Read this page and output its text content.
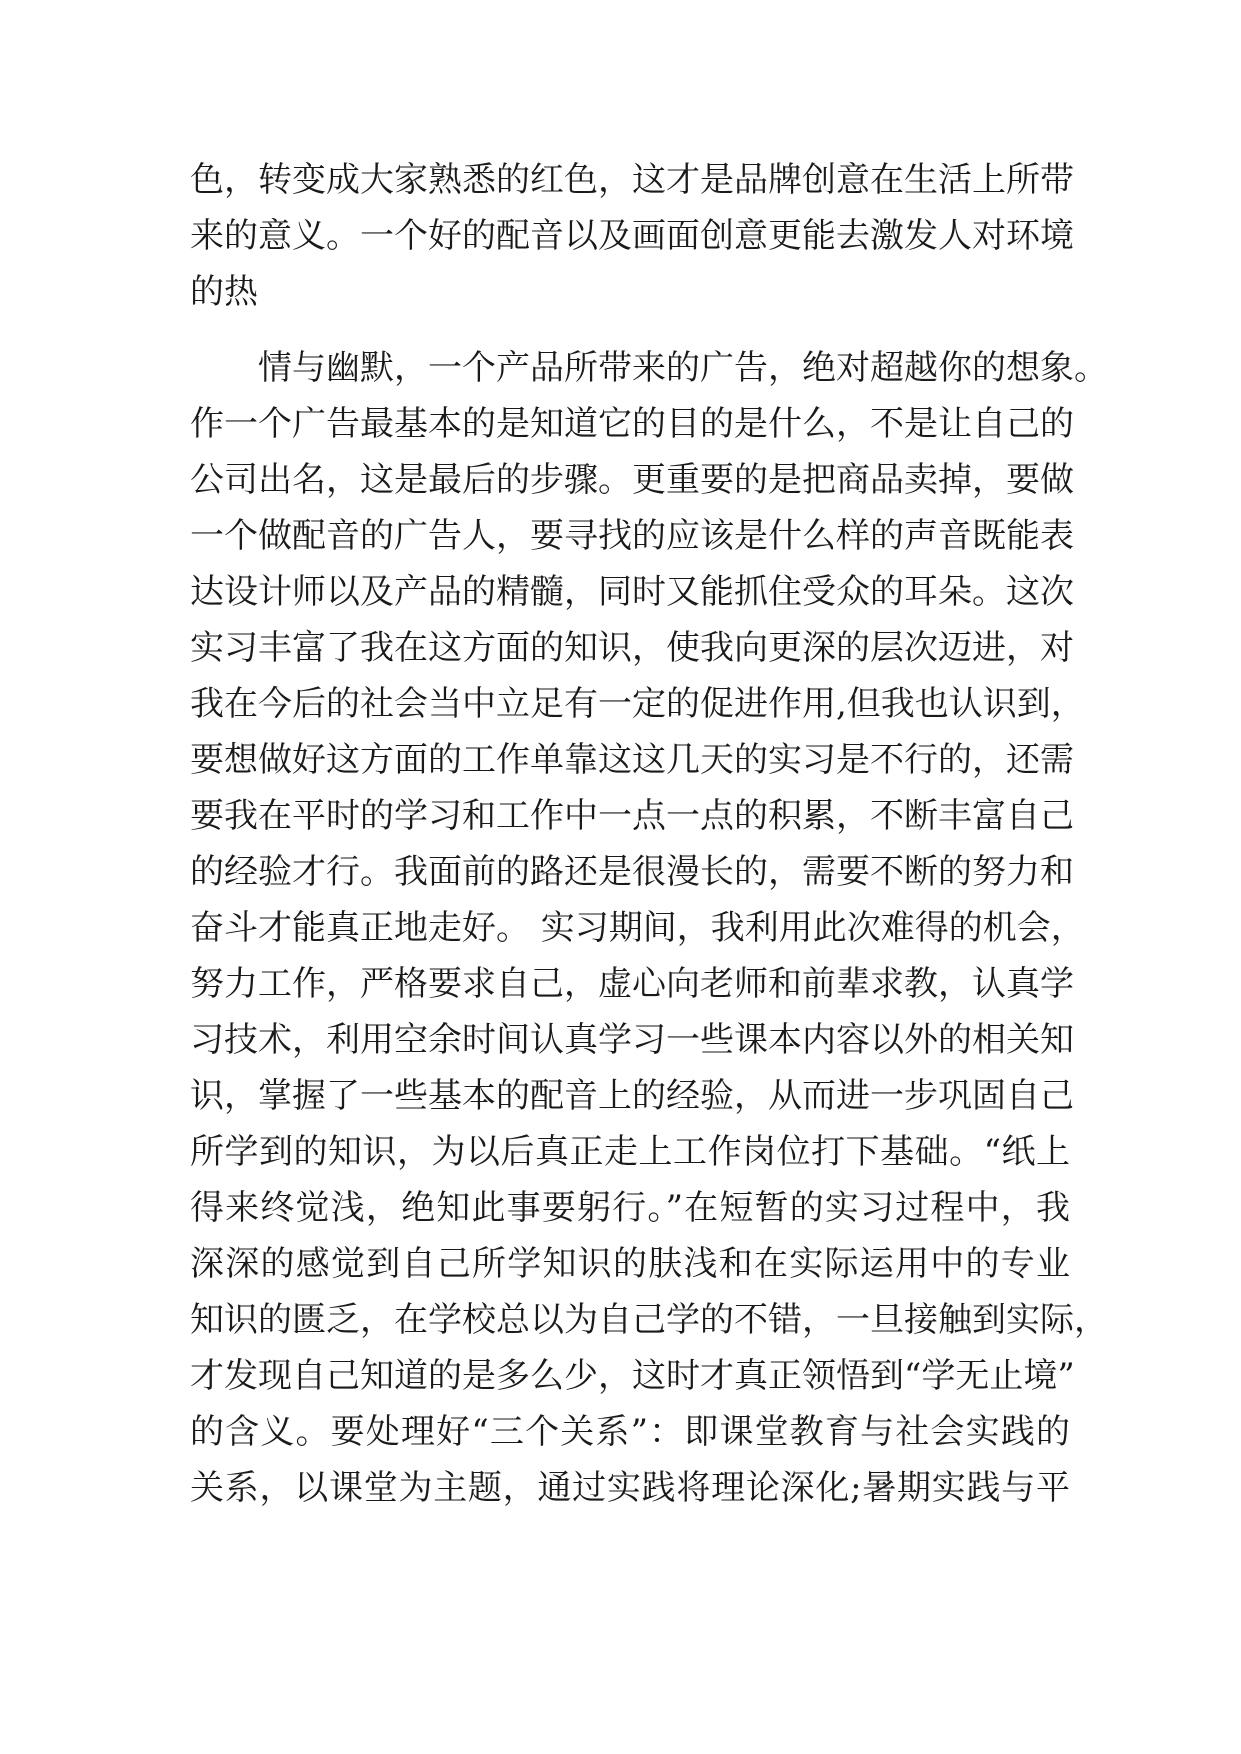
色，转变成大家熟悉的红色，这才是品牌创意在生活上所带
来的意义。一个好的配音以及画面创意更能去激发人对环境
的热
情与幽默，一个产品所带来的广告，绝对超越你的想象。
作一个广告最基本的是知道它的目的是什么，不是让自己的
公司出名，这是最后的步骤。更重要的是把商品卖掉，要做
一个做配音的广告人，要寻找的应该是什么样的声音既能表
达设计师以及产品的精髓，同时又能抓住受众的耳朵。这次
实习丰富了我在这方面的知识，使我向更深的层次迈进，对
我在今后的社会当中立足有一定的促进作用,但我也认识到，
要想做好这方面的工作单靠这这几天的实习是不行的，还需
要我在平时的学习和工作中一点一点的积累，不断丰富自己
的经验才行。我面前的路还是很漫长的，需要不断的努力和
奋斗才能真正地走好。 实习期间，我利用此次难得的机会，
努力工作，严格要求自己，虚心向老师和前辈求教，认真学
习技术，利用空余时间认真学习一些课本内容以外的相关知
识，掌握了一些基本的配音上的经验，从而进一步巩固自己
所学到的知识，为以后真正走上工作岗位打下基础。“纸上
得来终觉浅，绝知此事要躬行。”在短暂的实习过程中，我
深深的感觉到自己所学知识的肤浅和在实际运用中的专业
知识的匮乏，在学校总以为自己学的不错，一旦接触到实际，
才发现自己知道的是多么少，这时才真正领悟到“学无止境”
的含义。要处理好“三个关系”：即课堂教育与社会实践的
关系，以课堂为主题，通过实践将理论深化;暑期实践与平
